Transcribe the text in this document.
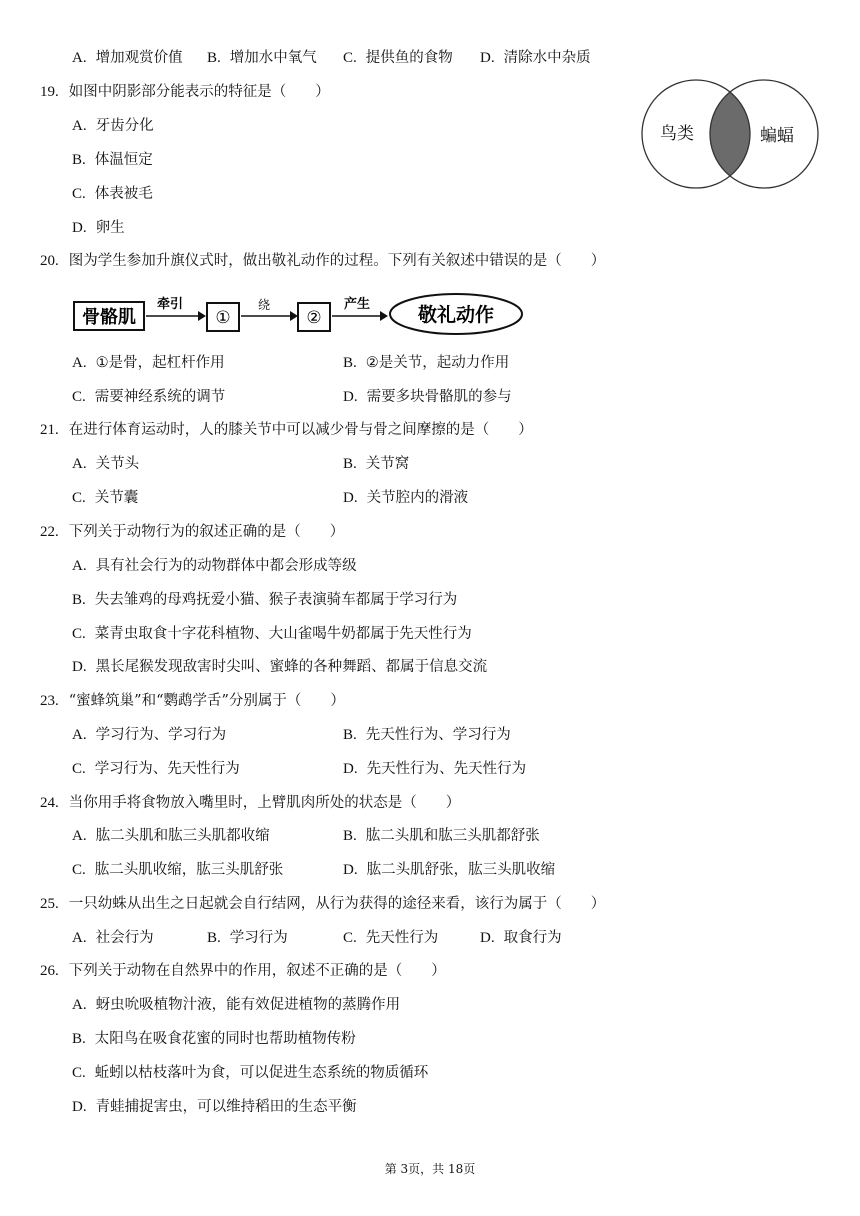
A. 增加观赏价值 B. 增加水中氧气 C. 提供鱼的食物 D. 清除水中杂质
19. 如图中阴影部分能表示的特征是（　　）
A. 牙齿分化
B. 体温恒定
C. 体表被毛
D. 卵生
鸟类	蝙蝠
20. 图为学生参加升旗仪式时，做出敬礼动作的过程。下列有关叙述中错误的是（　　）
骨骼肌
牵引
①
绕
②
产生	敬礼动作
A. ①是骨，起杠杆作用	B. ②是关节，起动力作用
C. 需要神经系统的调节	D. 需要多块骨骼肌的参与
21. 在进行体育运动时，人的膝关节中可以减少骨与骨之间摩擦的是（　　）
A. 关节头	B. 关节窝
C. 关节囊	D. 关节腔内的滑液
22. 下列关于动物行为的叙述正确的是（　　）
A. 具有社会行为的动物群体中都会形成等级
B. 失去雏鸡的母鸡抚爱小猫、猴子表演骑车都属于学习行为
C. 菜青虫取食十字花科植物、大山雀喝牛奶都属于先天性行为
D. 黑长尾猴发现敌害时尖叫、蜜蜂的各种舞蹈、都属于信息交流
23. “蜜蜂筑巢”和“鹦鹉学舌”分别属于（　　）
A. 学习行为、学习行为	B. 先天性行为、学习行为
C. 学习行为、先天性行为	D. 先天性行为、先天性行为
24. 当你用手将食物放入嘴里时，上臂肌肉所处的状态是（　　）
A. 肱二头肌和肱三头肌都收缩	B. 肱二头肌和肱三头肌都舒张
C. 肱二头肌收缩，肱三头肌舒张	D. 肱二头肌舒张，肱三头肌收缩
25. 一只幼蛛从出生之日起就会自行结网，从行为获得的途径来看，该行为属于（　　）
A. 社会行为	B. 学习行为	C. 先天性行为	D. 取食行为
26. 下列关于动物在自然界中的作用，叙述不正确的是（　　）
A. 蚜虫吮吸植物汁液，能有效促进植物的蒸腾作用
B. 太阳鸟在吸食花蜜的同时也帮助植物传粉
C. 蚯蚓以枯枝落叶为食，可以促进生态系统的物质循环
D. 青蛙捕捉害虫，可以维持稻田的生态平衡
第 3页，共 18页
